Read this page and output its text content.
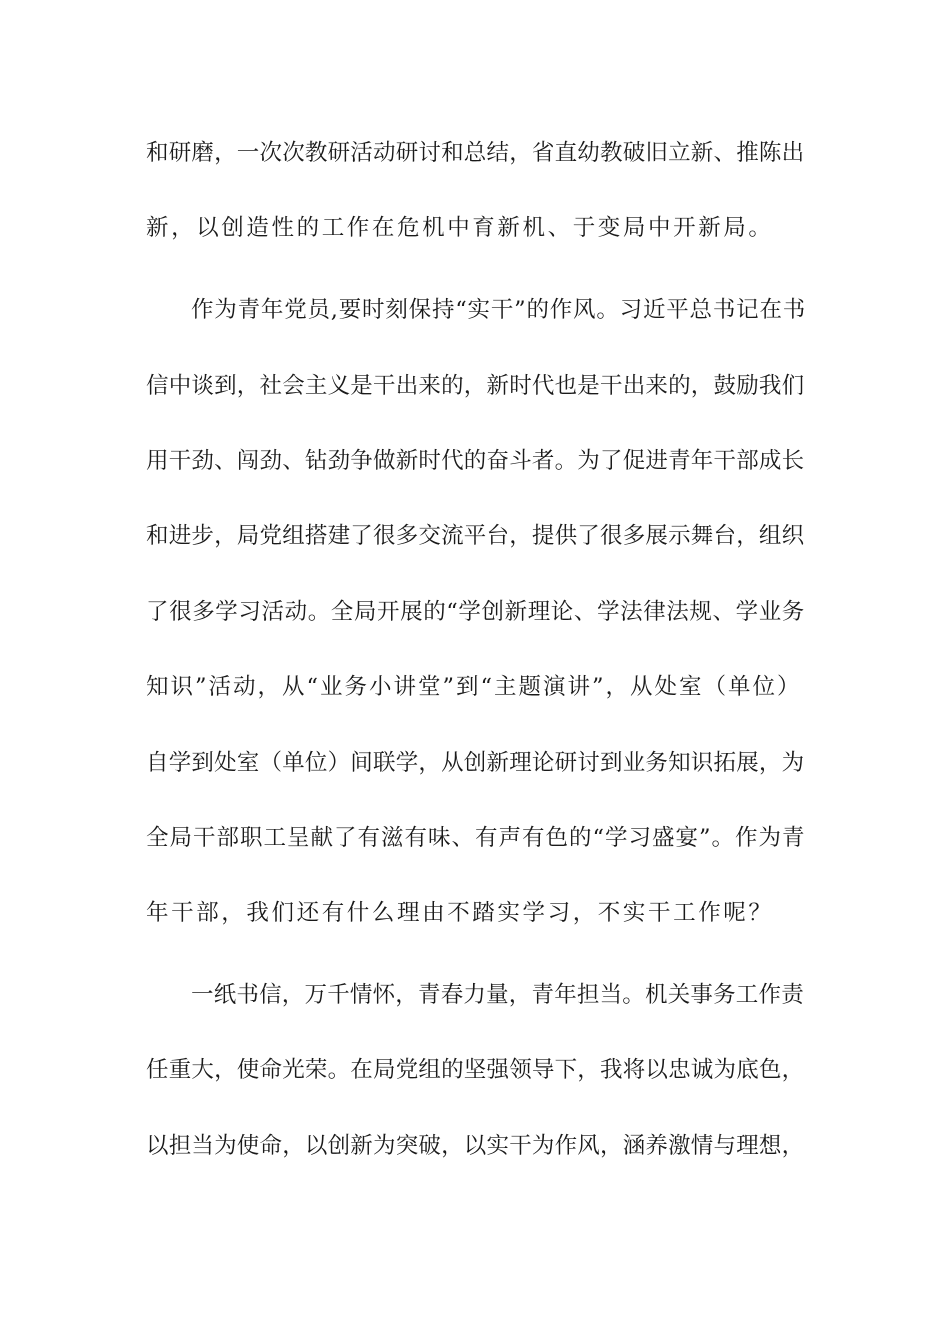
和研磨，一次次教研活动研讨和总结，省直幼教破旧立新、推陈出
新，以创造性的工作在危机中育新机、于变局中开新局。
作为青年党员,要时刻保持“实干”的作风。习近平总书记在书
信中谈到，社会主义是干出来的，新时代也是干出来的，鼓励我们
用干劲、闯劲、钻劲争做新时代的奋斗者。为了促进青年干部成长
和进步，局党组搭建了很多交流平台，提供了很多展示舞台，组织
了很多学习活动。全局开展的“学创新理论、学法律法规、学业务
知识”活动，从“业务小讲堂”到“主题演讲”，从处室（单位）
自学到处室（单位）间联学，从创新理论研讨到业务知识拓展，为
全局干部职工呈献了有滋有味、有声有色的“学习盛宴”。作为青
年干部，我们还有什么理由不踏实学习，不实干工作呢？
一纸书信，万千情怀，青春力量，青年担当。机关事务工作责
任重大，使命光荣。在局党组的坚强领导下，我将以忠诚为底色，
以担当为使命，以创新为突破，以实干为作风，涵养激情与理想，
